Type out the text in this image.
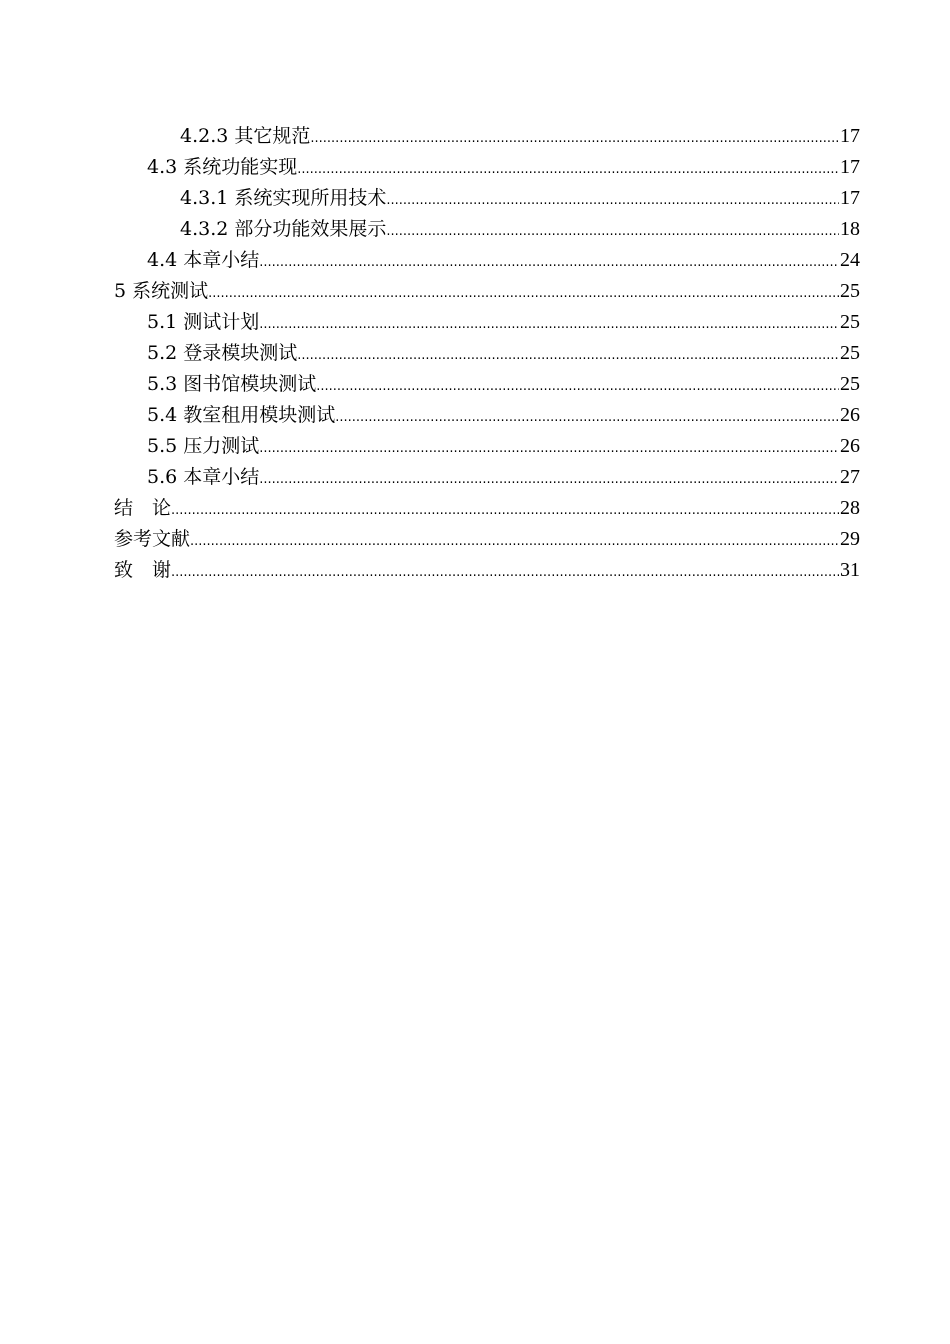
4.2.3 其它规范 .....	17
4.3 系统功能实现 .....	17
4.3.1 系统实现所用技术 .....	17
4.3.2 部分功能效果展示 .....	18
4.4 本章小结 .....	24
5 系统测试 .....	25
5.1 测试计划 .....	25
5.2 登录模块测试 .....	25
5.3 图书馆模块测试 .....	25
5.4 教室租用模块测试 .....	26
5.5 压力测试 .....	26
5.6 本章小结 .....	27
结　论 .....	28
参考文献 .....	29
致　谢 .....	31
